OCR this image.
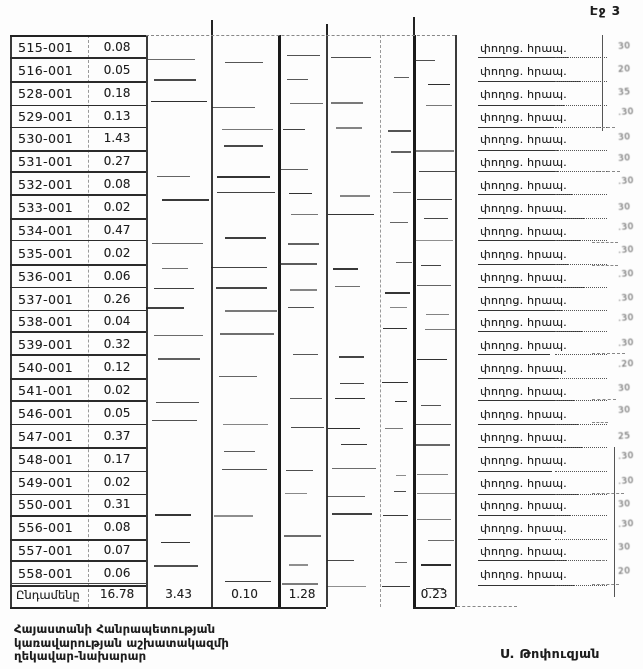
Էջ 3
515-001	0.08	փողոց. հրապ.	30
516-001	0.05	փողոց. հրապ.	20
528-001	0.18	փողոց. հրապ.	35
529-001	0.13	փողոց. հրապ.	.30
530-001	1.43	փողոց. հրապ.	30
531-001	0.27	փողոց. հրապ.	30
532-001	0.08	փողոց. հրապ.	.30
533-001	0.02	փողոց. հրապ.	30
534-001	0.47	փողոց. հրապ.	.30
535-001	0.02	փողոց. հրապ.	.30
536-001	0.06	փողոց. հրապ.	.30
537-001	0.26	փողոց. հրապ.	.30
538-001	0.04	փողոց. հրապ.	.30
539-001	0.32	փողոց. հրապ.	.30
540-001	0.12	փողոց. հրապ.	.20
541-001	0.02	փողոց. հրապ.	30
546-001	0.05	փողոց. հրապ.	30
547-001	0.37	փողոց. հրապ.	25
548-001	0.17	փողոց. հրապ.	.30
549-001	0.02	փողոց. հրապ.	.30
550-001	0.31	փողոց. հրապ.	30
556-001	0.08	փողոց. հրապ.	.30
557-001	0.07	փողոց. հրապ.	30
558-001	0.06	փողոց. հրապ.	20
Ընդամենը	16.78	3.43	0.10	1.28	0.23
Հայաստանի Հանրապետության
կառավարության աշխատակազմի
ղեկավար-նախարար	Ս. Թոփուզյան
